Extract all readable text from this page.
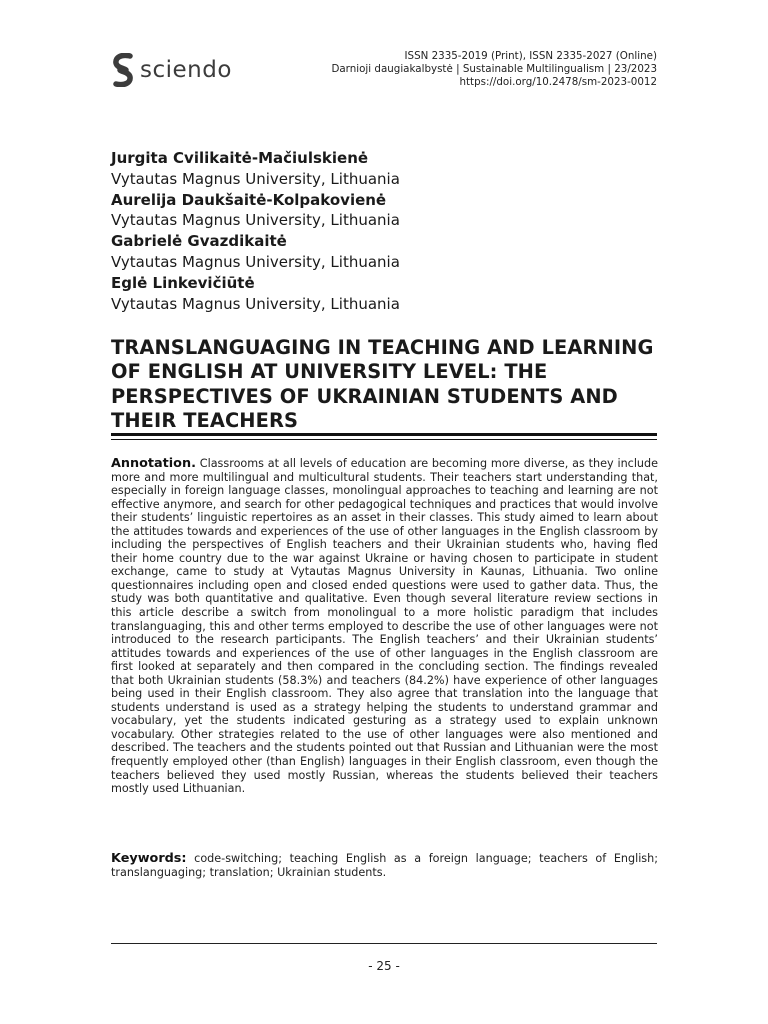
sciendo
ISSN 2335-2019 (Print), ISSN 2335-2027 (Online)
Darnioji daugiakalbystė | Sustainable Multilingualism | 23/2023
https://doi.org/10.2478/sm-2023-0012
Jurgita Cvilikaitė-Mačiulskienė
Vytautas Magnus University, Lithuania
Aurelija Daukšaitė-Kolpakovienė
Vytautas Magnus University, Lithuania
Gabrielė Gvazdikaitė
Vytautas Magnus University, Lithuania
Eglė Linkevičiūtė
Vytautas Magnus University, Lithuania
TRANSLANGUAGING IN TEACHING AND LEARNING OF ENGLISH AT UNIVERSITY LEVEL: THE PERSPECTIVES OF UKRAINIAN STUDENTS AND THEIR TEACHERS

Annotation. Classrooms at all levels of education are becoming more diverse, as they include more and more multilingual and multicultural students. Their teachers start understanding that, especially in foreign language classes, monolingual approaches to teaching and learning are not effective anymore, and search for other pedagogical techniques and practices that would involve their students’ linguistic repertoires as an asset in their classes. This study aimed to learn about the attitudes towards and experiences of the use of other languages in the English classroom by including the perspectives of English teachers and their Ukrainian students who, having fled their home country due to the war against Ukraine or having chosen to participate in student exchange, came to study at Vytautas Magnus University in Kaunas, Lithuania. Two online questionnaires including open and closed ended questions were used to gather data. Thus, the study was both quantitative and qualitative. Even though several literature review sections in this article describe a switch from monolingual to a more holistic paradigm that includes translanguaging, this and other terms employed to describe the use of other languages were not introduced to the research participants. The English teachers’ and their Ukrainian students’ attitudes towards and experiences of the use of other languages in the English classroom are first looked at separately and then compared in the concluding section. The findings revealed that both Ukrainian students (58.3%) and teachers (84.2%) have experience of other languages being used in their English classroom. They also agree that translation into the language that students understand is used as a strategy helping the students to understand grammar and vocabulary, yet the students indicated gesturing as a strategy used to explain unknown vocabulary. Other strategies related to the use of other languages were also mentioned and described. The teachers and the students pointed out that Russian and Lithuanian were the most frequently employed other (than English) languages in their English classroom, even though the teachers believed they used mostly Russian, whereas the students believed their teachers mostly used Lithuanian.

Keywords: code-switching; teaching English as a foreign language; teachers of English; translanguaging; translation; Ukrainian students.

- 25 -
